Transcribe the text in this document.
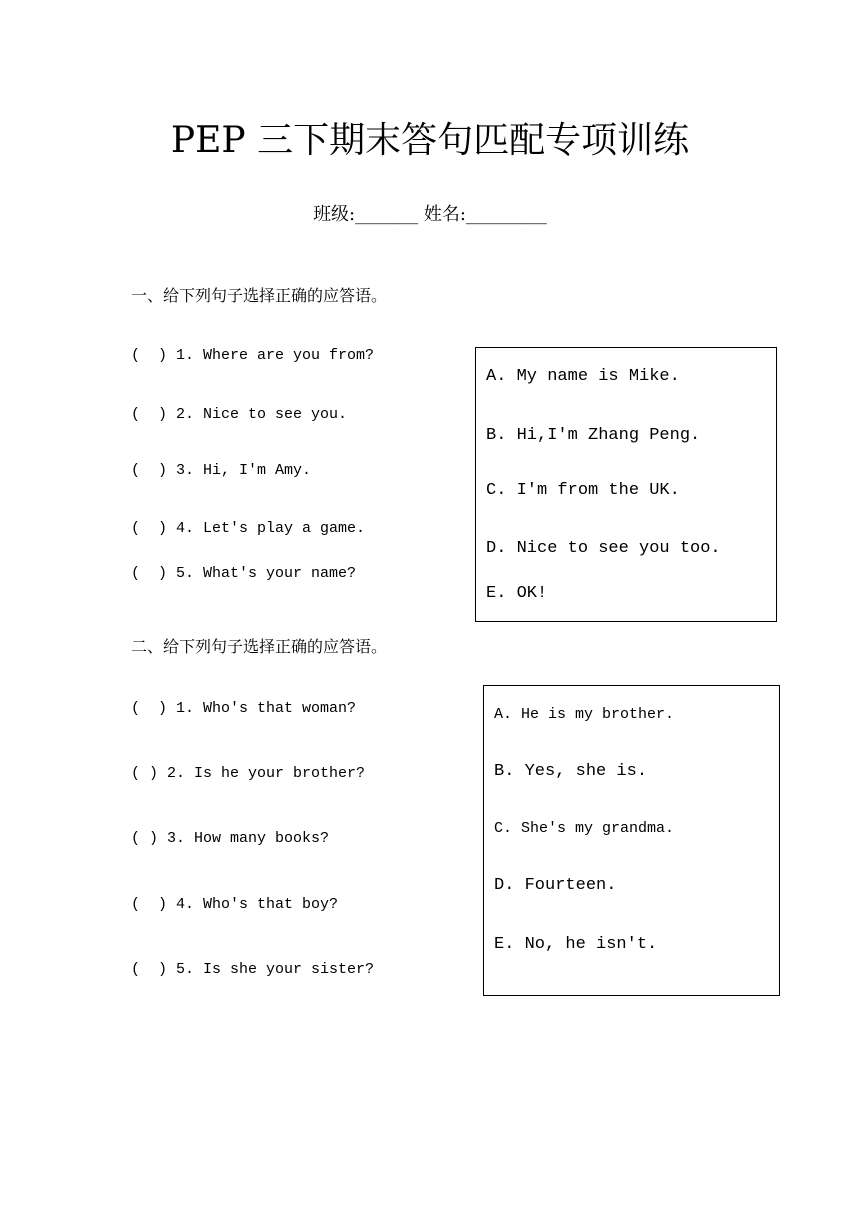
PEP 三下期末答句匹配专项训练
班级:_______ 姓名:_________
一、给下列句子选择正确的应答语。
(  ) 1. Where are you from?
(  ) 2. Nice to see you.
(  ) 3. Hi, I'm Amy.
(  ) 4. Let's play a game.
(  ) 5. What's your name?
A. My name is Mike.
B. Hi,I'm Zhang Peng.
C. I'm from the UK.
D. Nice to see you too.
E. OK!
二、给下列句子选择正确的应答语。
(  ) 1. Who's that woman?
( ) 2. Is he your brother?
( ) 3. How many books?
(  ) 4. Who's that boy?
(  ) 5. Is she your sister?
A. He is my brother.
B. Yes, she is.
C. She's my grandma.
D. Fourteen.
E. No, he isn't.
